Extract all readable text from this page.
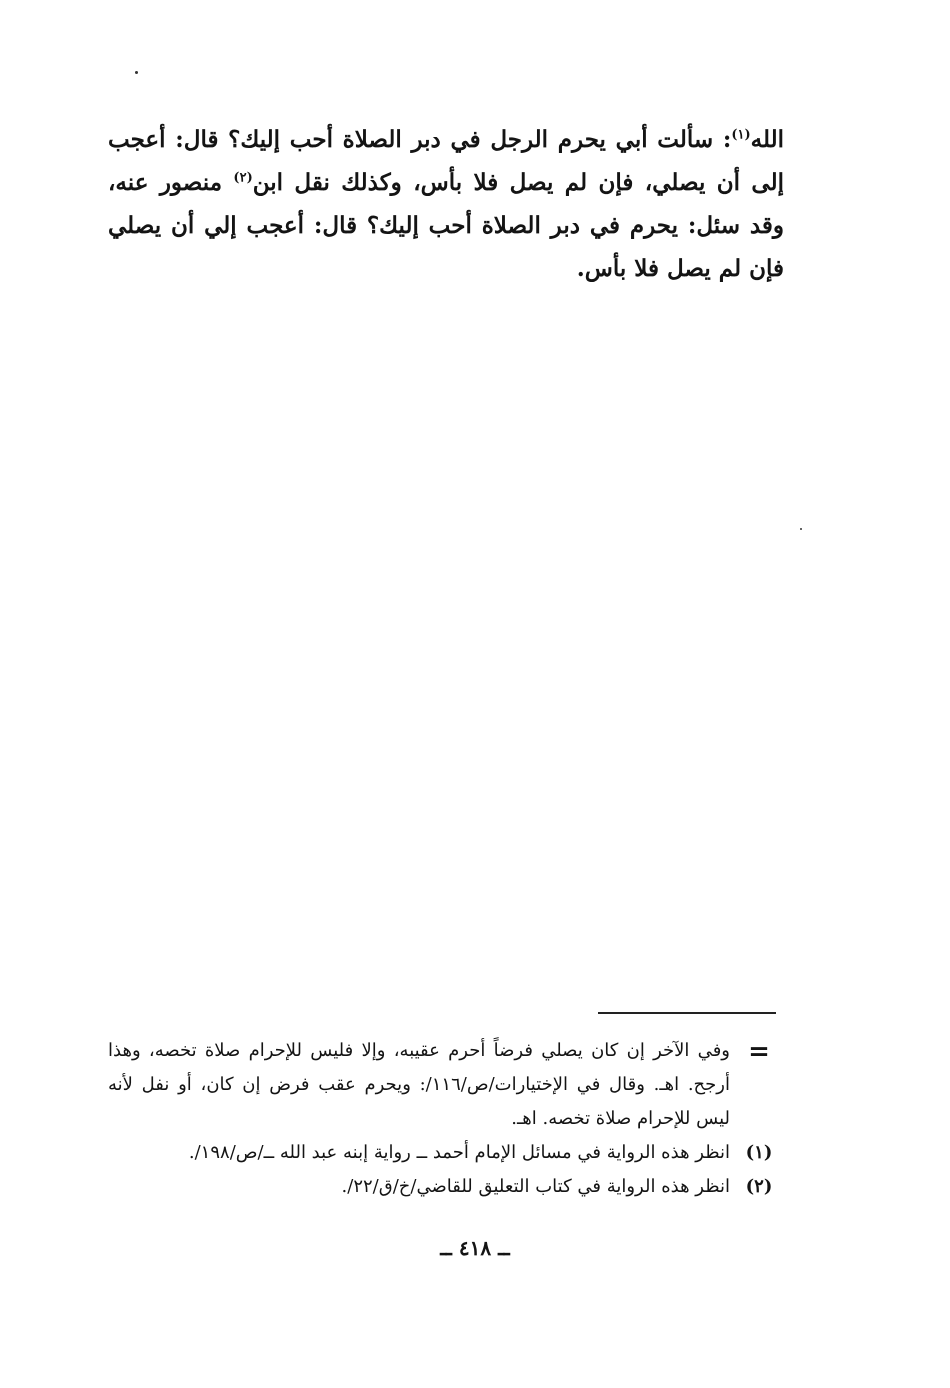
الله$^{(١)}$: سألت أبي يحرم الرجل في دبر الصلاة أحب إليك؟ قال: أعجب إلى أن يصلي، فإن لم يصل فلا بأس، وكذلك نقل ابن$^{(٢)}$ منصور عنه، وقد سئل: يحرم في دبر الصلاة أحب إليك؟ قال: أعجب إلي أن يصلي فإن لم يصل فلا بأس.

=
وفي الآخر إن كان يصلي فرضاً أحرم عقيبه، وإلا فليس للإحرام صلاة تخصه، وهذا أرجح. اهـ. وقال في الإختيارات/ص/١١٦/: ويحرم عقب فرض إن كان، أو نفل لأنه ليس للإحرام صلاة تخصه. اهـ.
(١)
انظر هذه الرواية في مسائل الإمام أحمد ــ رواية إبنه عبد الله ــ/ص/١٩٨/.
(٢)
انظر هذه الرواية في كتاب التعليق للقاضي/خ/ق/٢٢/.
ــ ٤١٨ ــ
